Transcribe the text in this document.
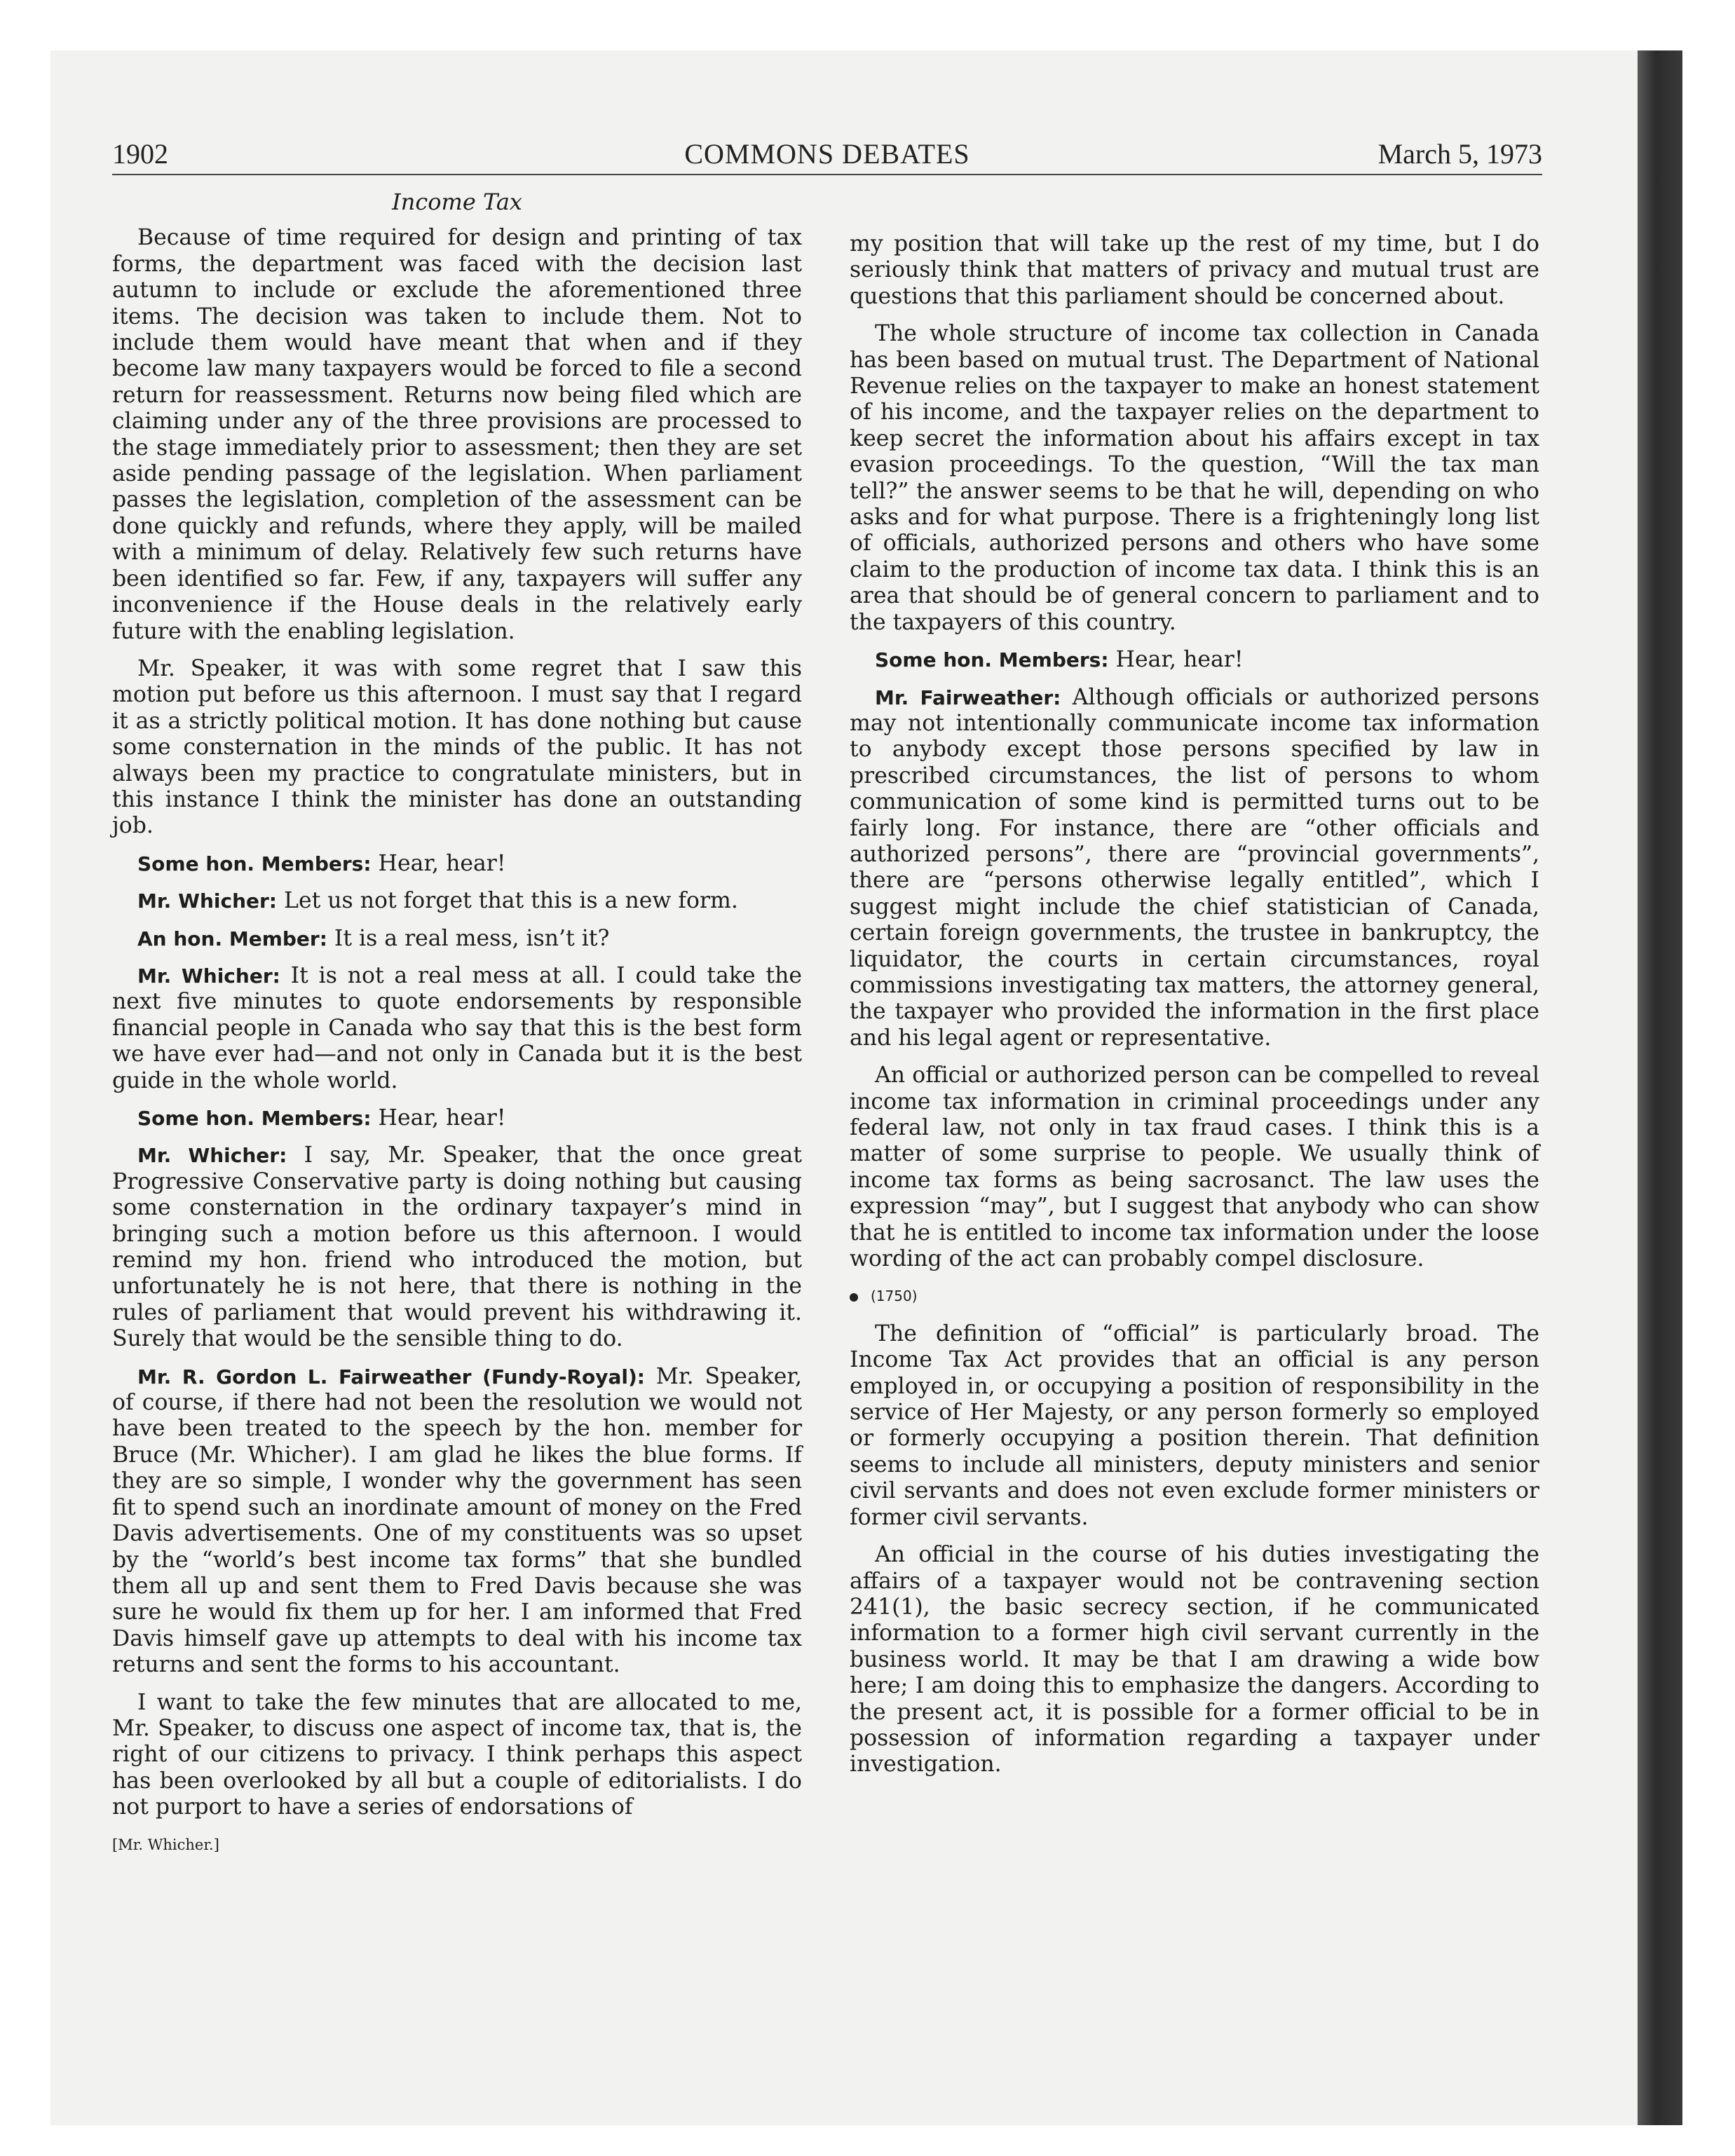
1902	COMMONS DEBATES	March 5, 1973
Income Tax

Because of time required for design and printing of tax forms, the department was faced with the decision last autumn to include or exclude the aforementioned three items. The decision was taken to include them. Not to include them would have meant that when and if they become law many taxpayers would be forced to file a second return for reassessment. Returns now being filed which are claiming under any of the three provisions are processed to the stage immediately prior to assessment; then they are set aside pending passage of the legislation. When parliament passes the legislation, completion of the assessment can be done quickly and refunds, where they apply, will be mailed with a minimum of delay. Relatively few such returns have been identified so far. Few, if any, taxpayers will suffer any inconvenience if the House deals in the relatively early future with the enabling legislation.

Mr. Speaker, it was with some regret that I saw this motion put before us this afternoon. I must say that I regard it as a strictly political motion. It has done nothing but cause some consternation in the minds of the public. It has not always been my practice to congratulate ministers, but in this instance I think the minister has done an outstanding job.

Some hon. Members: Hear, hear!

Mr. Whicher: Let us not forget that this is a new form.

An hon. Member: It is a real mess, isn’t it?

Mr. Whicher: It is not a real mess at all. I could take the next five minutes to quote endorsements by responsible financial people in Canada who say that this is the best form we have ever had—and not only in Canada but it is the best guide in the whole world.

Some hon. Members: Hear, hear!

Mr. Whicher: I say, Mr. Speaker, that the once great Progressive Conservative party is doing nothing but causing some consternation in the ordinary taxpayer’s mind in bringing such a motion before us this afternoon. I would remind my hon. friend who introduced the motion, but unfortunately he is not here, that there is nothing in the rules of parliament that would prevent his withdrawing it. Surely that would be the sensible thing to do.

Mr. R. Gordon L. Fairweather (Fundy-Royal): Mr. Speaker, of course, if there had not been the resolution we would not have been treated to the speech by the hon. member for Bruce (Mr. Whicher). I am glad he likes the blue forms. If they are so simple, I wonder why the government has seen fit to spend such an inordinate amount of money on the Fred Davis advertisements. One of my constituents was so upset by the “world’s best income tax forms” that she bundled them all up and sent them to Fred Davis because she was sure he would fix them up for her. I am informed that Fred Davis himself gave up attempts to deal with his income tax returns and sent the forms to his accountant.

I want to take the few minutes that are allocated to me, Mr. Speaker, to discuss one aspect of income tax, that is, the right of our citizens to privacy. I think perhaps this aspect has been overlooked by all but a couple of editorialists. I do not purport to have a series of endorsations of

[Mr. Whicher.]

my position that will take up the rest of my time, but I do seriously think that matters of privacy and mutual trust are questions that this parliament should be concerned about.

The whole structure of income tax collection in Canada has been based on mutual trust. The Department of National Revenue relies on the taxpayer to make an honest statement of his income, and the taxpayer relies on the department to keep secret the information about his affairs except in tax evasion proceedings. To the question, “Will the tax man tell?” the answer seems to be that he will, depending on who asks and for what purpose. There is a frighteningly long list of officials, authorized persons and others who have some claim to the production of income tax data. I think this is an area that should be of general concern to parliament and to the taxpayers of this country.

Some hon. Members: Hear, hear!

Mr. Fairweather: Although officials or authorized persons may not intentionally communicate income tax information to anybody except those persons specified by law in prescribed circumstances, the list of persons to whom communication of some kind is permitted turns out to be fairly long. For instance, there are “other officials and authorized persons”, there are “provincial governments”, there are “persons otherwise legally entitled”, which I suggest might include the chief statistician of Canada, certain foreign governments, the trustee in bankruptcy, the liquidator, the courts in certain circumstances, royal commissions investigating tax matters, the attorney general, the taxpayer who provided the information in the first place and his legal agent or representative.

An official or authorized person can be compelled to reveal income tax information in criminal proceedings under any federal law, not only in tax fraud cases. I think this is a matter of some surprise to people. We usually think of income tax forms as being sacrosanct. The law uses the expression “may”, but I suggest that anybody who can show that he is entitled to income tax information under the loose wording of the act can probably compel disclosure.

(1750)

The definition of “official” is particularly broad. The Income Tax Act provides that an official is any person employed in, or occupying a position of responsibility in the service of Her Majesty, or any person formerly so employed or formerly occupying a position therein. That definition seems to include all ministers, deputy ministers and senior civil servants and does not even exclude former ministers or former civil servants.

An official in the course of his duties investigating the affairs of a taxpayer would not be contravening section 241(1), the basic secrecy section, if he communicated information to a former high civil servant currently in the business world. It may be that I am drawing a wide bow here; I am doing this to emphasize the dangers. According to the present act, it is possible for a former official to be in possession of information regarding a taxpayer under investigation.
